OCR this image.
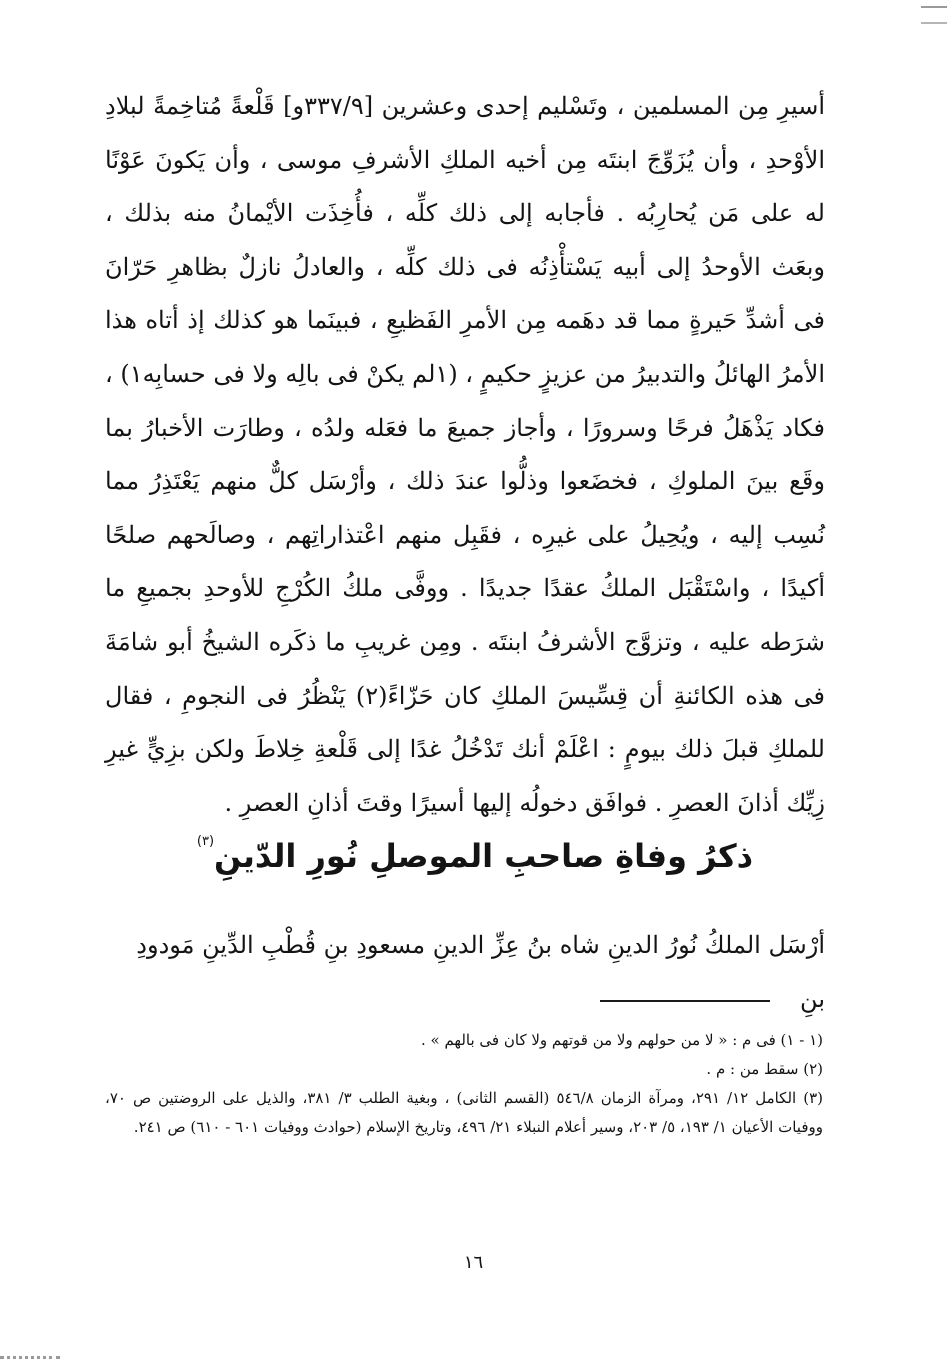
أسيرِ مِن المسلمين ، وتَسْليم إحدى وعشرين [٣٣٧/٩و] قَلْعةً مُتاخِمةً لبلادِ الأوْحدِ ، وأن يُزَوِّجَ ابنتَه مِن أخيه الملكِ الأشرفِ موسى ، وأن يَكونَ عَوْنًا له على مَن يُحارِبُه . فأجابه إلى ذلك كلِّه ، فأُخِذَت الأيْمانُ منه بذلك ، وبعَث الأوحدُ إلى أبيه يَسْتأْذِنُه فى ذلك كلِّه ، والعادلُ نازلٌ بظاهرِ حَرّانَ فى أشدِّ حَيرةٍ مما قد دهَمه مِن الأمرِ الفَظيعِ ، فبينَما هو كذلك إذ أتاه هذا الأمرُ الهائلُ والتدبيرُ من عزيزٍ حكيمٍ ، (١لم يكنْ فى بالِه ولا فى حسابِه١) ، فكاد يَذْهَلُ فرحًا وسرورًا ، وأجاز جميعَ ما فعَله ولدُه ، وطارَت الأخبارُ بما وقَع بينَ الملوكِ ، فخضَعوا وذلُّوا عندَ ذلك ، وأرْسَل كلٌّ منهم يَعْتَذِرُ مما نُسِب إليه ، ويُحِيلُ على غيرِه ، فقَبِل منهم اعْتذاراتِهم ، وصالَحهم صلحًا أكيدًا ، واسْتَقْبَل الملكُ عقدًا جديدًا . ووفَّى ملكُ الكُرْجِ للأوحدِ بجميعِ ما شرَطه عليه ، وتزوَّج الأشرفُ ابنتَه . ومِن غريبِ ما ذكَره الشيخُ أبو شامَةَ فى هذه الكائنةِ أن قِسِّيسَ الملكِ كان حَزّاءً(٢) يَنْظُرُ فى النجومِ ، فقال للملكِ قبلَ ذلك بيومٍ : اعْلَمْ أنك تَدْخُلُ غدًا إلى قَلْعةِ خِلاطَ ولكن بزِيٍّ غيرِ زِيِّك أذانَ العصرِ . فوافَق دخولُه إليها أسيرًا وقتَ أذانِ العصرِ .

ذكرُ وفاةِ صاحبِ الموصلِ نُورِ الدّينِ$^{(٣)}$

أرْسَل الملكُ نُورُ الدينِ شاه بنُ عِزِّ الدينِ مسعودِ بنِ قُطْبِ الدِّينِ مَودودِ بنِ

(١ - ١) فى م : « لا من حولهم ولا من قوتهم ولا كان فى بالهم » .
(٢) سقط من : م .
(٣) الكامل ١٢/ ٢٩١، ومرآة الزمان ٥٤٦/٨ (القسم الثانى) ، وبغية الطلب ٣/ ٣٨١، والذيل على الروضتين ص ٧٠، ووفيات الأعيان ١/ ١٩٣، ٥/ ٢٠٣، وسير أعلام النبلاء ٢١/ ٤٩٦، وتاريخ الإسلام (حوادث ووفيات ٦٠١ - ٦١٠) ص ٢٤١.

١٦
